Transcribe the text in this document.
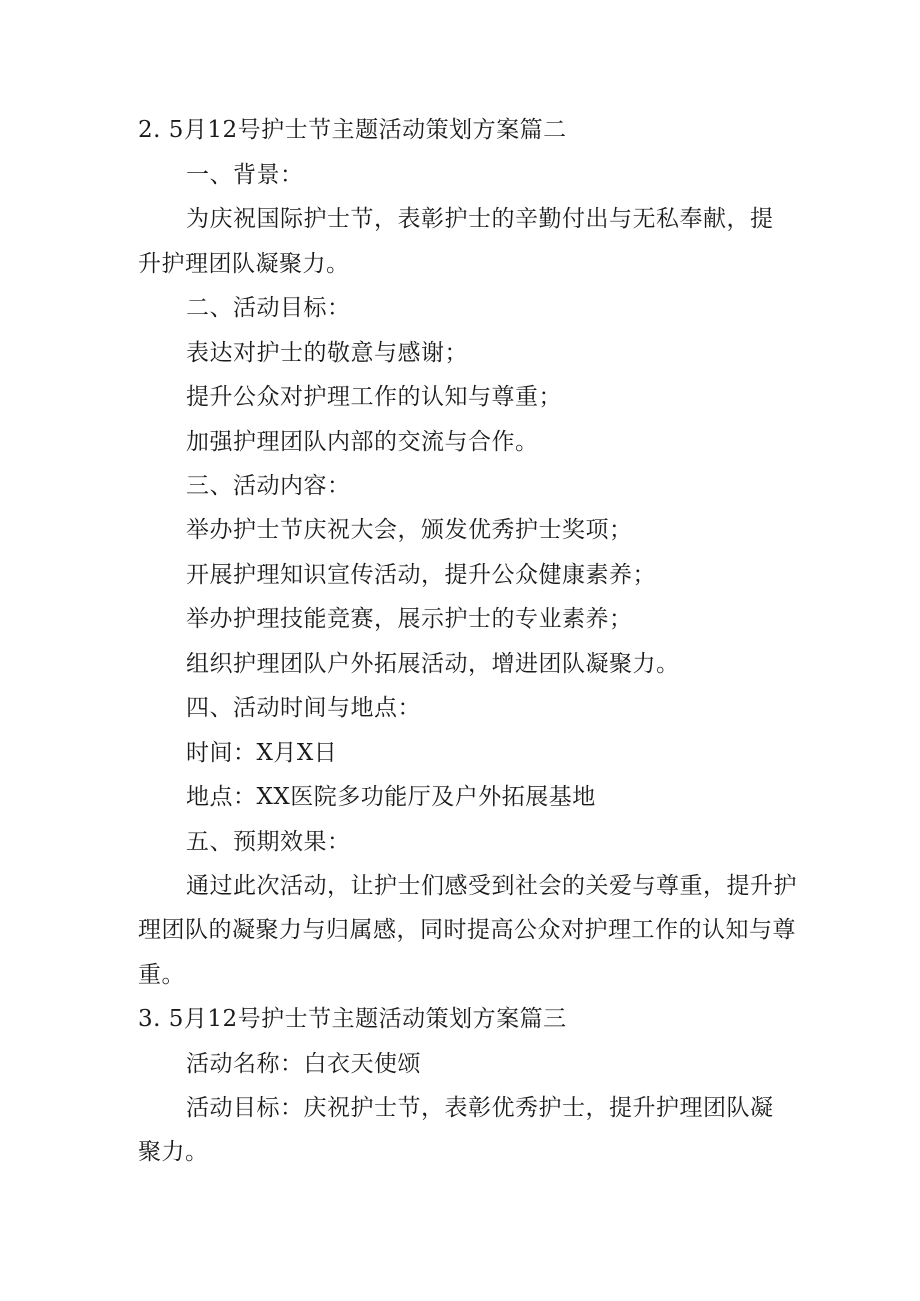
2. 5月12号护士节主题活动策划方案篇二
一、背景：
为庆祝国际护士节，表彰护士的辛勤付出与无私奉献，提
升护理团队凝聚力。
二、活动目标：
表达对护士的敬意与感谢；
提升公众对护理工作的认知与尊重；
加强护理团队内部的交流与合作。
三、活动内容：
举办护士节庆祝大会，颁发优秀护士奖项；
开展护理知识宣传活动，提升公众健康素养；
举办护理技能竞赛，展示护士的专业素养；
组织护理团队户外拓展活动，增进团队凝聚力。
四、活动时间与地点：
时间：X月X日
地点：XX医院多功能厅及户外拓展基地
五、预期效果：
通过此次活动，让护士们感受到社会的关爱与尊重，提升护
理团队的凝聚力与归属感，同时提高公众对护理工作的认知与尊
重。
3. 5月12号护士节主题活动策划方案篇三
活动名称：白衣天使颂
活动目标：庆祝护士节，表彰优秀护士，提升护理团队凝
聚力。
